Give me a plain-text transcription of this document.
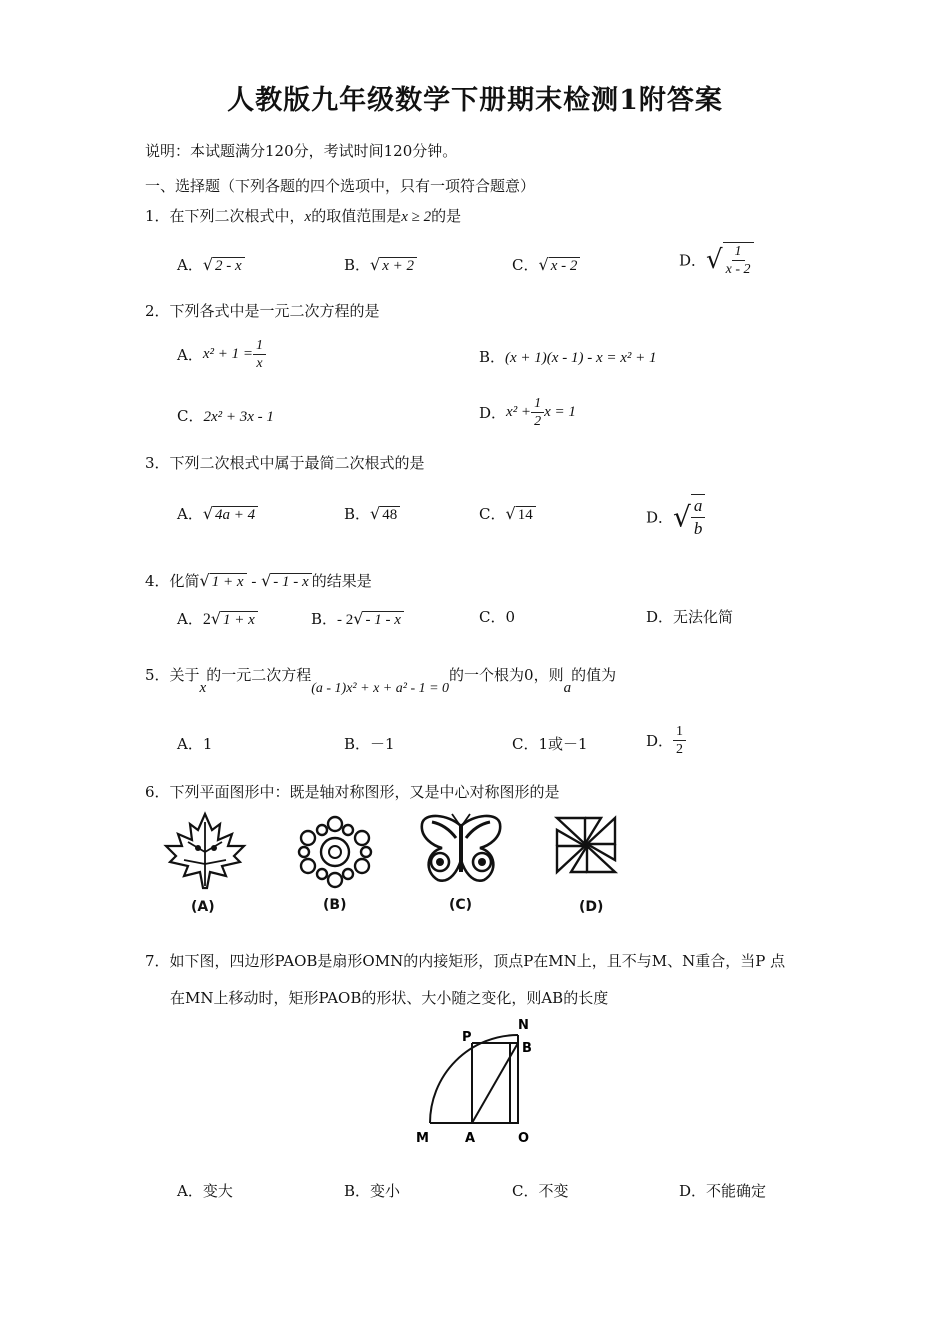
人教版九年级数学下册期末检测1附答案
说明：本试题满分120分，考试时间120分钟。
一、选择题（下列各题的四个选项中，只有一项符合题意）
1．在下列二次根式中，x的取值范围是x ≥ 2的是
A．√ 2 - x	B．√ x + 2	C．√ x - 2	D．√ $\frac{1}{x - 2}$
2．下列各式中是一元二次方程的是
A．$x^2 + 1 = \frac{1}{x}$	B．(x + 1)(x - 1) - x = x² + 1
C．2x² + 3x - 1	D．$x^2 + \frac{1}{2}$ x = 1
3．下列二次根式中属于最简二次根式的是
A．√ 4a + 4	B．√ 48	C．√ 14	D．√ $\frac{a}{b}$
4．化简√ 1 + x - √ - 1 - x 的结果是
A．2√ 1 + x	B．- 2√ - 1 - x	C．0	D．无法化简
5．关于x的一元二次方程(a - 1)x² + x + a² - 1 = 0的一个根为0，则a的值为
A．1	B．－1	C．1或－1	D． $\frac{1}{2}$
6．下列平面图形中：既是轴对称图形，又是中心对称图形的是
(A)	(B)	(C)	(D)
7．如下图，四边形PAOB是扇形OMN的内接矩形，顶点P在MN上，且不与M、N重合，当P 点
在MN上移动时，矩形PAOB的形状、大小随之变化，则AB的长度
P
N
B
M	A	O
A．变大	B．变小	C．不变	D．不能确定
